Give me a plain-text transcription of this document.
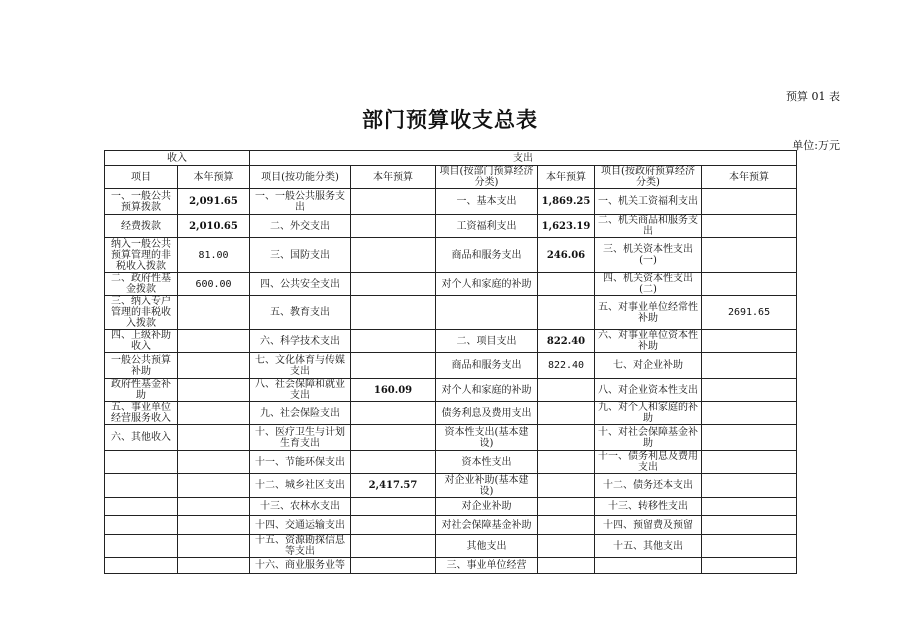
预算 01 表
部门预算收支总表
单位:万元
收入		支出					
项目	本年预算	项目(按功能分类)	本年预算	项目(按部门预算经济分类)	本年预算	项目(按政府预算经济分类)	本年预算
一、一般公共预算拨款	2,091.65	一、一般公共服务支出		一、基本支出	1,869.25	一、机关工资福利支出	
经费拨款	2,010.65	二、外交支出		工资福利支出	1,623.19	二、机关商品和服务支出	
纳入一般公共预算管理的非税收入拨款	81.00	三、国防支出		商品和服务支出	246.06	三、机关资本性支出(一)	
二、政府性基金拨款	600.00	四、公共安全支出		对个人和家庭的补助		四、机关资本性支出(二)	
三、纳入专户管理的非税收入拨款		五、教育支出				五、对事业单位经常性补助	2691.65
四、上级补助收入		六、科学技术支出		二、项目支出	822.40	六、对事业单位资本性补助	
一般公共预算补助		七、文化体育与传媒支出		商品和服务支出	822.40	七、对企业补助	
政府性基金补助		八、社会保障和就业支出	160.09	对个人和家庭的补助		八、对企业资本性支出	
五、事业单位经营服务收入		九、社会保险支出		债务利息及费用支出		九、对个人和家庭的补助	
六、其他收入		十、医疗卫生与计划生育支出		资本性支出(基本建设)		十、对社会保障基金补助	
		十一、节能环保支出		资本性支出		十一、债务利息及费用支出	
		十二、城乡社区支出	2,417.57	对企业补助(基本建设)		十二、债务还本支出	
		十三、农林水支出		对企业补助		十三、转移性支出	
		十四、交通运输支出		对社会保障基金补助		十四、预留费及预留	
		十五、资源勘探信息等支出		其他支出		十五、其他支出	
		十六、商业服务业等		三、事业单位经营			
